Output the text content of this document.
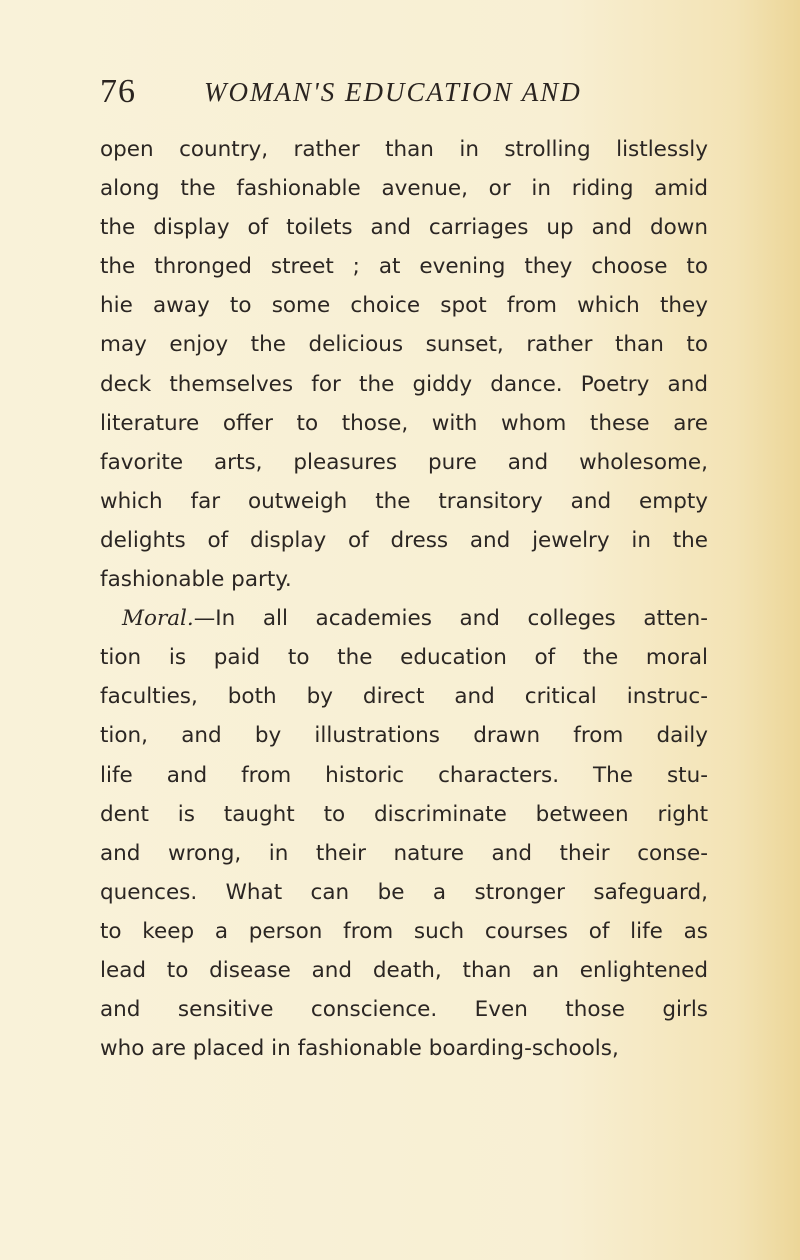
76	WOMAN'S EDUCATION AND
open country, rather than in strolling listlessly
along the fashionable avenue, or in riding amid
the display of toilets and carriages up and down
the thronged street ; at evening they choose to
hie away to some choice spot from which they
may enjoy the delicious sunset, rather than to
deck themselves for the giddy dance. Poetry and
literature offer to those, with whom these are
favorite arts, pleasures pure and wholesome,
which far outweigh the transitory and empty
delights of display of dress and jewelry in the
fashionable party.
Moral.—In all academies and colleges atten-
tion is paid to the education of the moral
faculties, both by direct and critical instruc-
tion, and by illustrations drawn from daily
life and from historic characters. The stu-
dent is taught to discriminate between right
and wrong, in their nature and their conse-
quences. What can be a stronger safeguard,
to keep a person from such courses of life as
lead to disease and death, than an enlightened
and sensitive conscience. Even those girls
who are placed in fashionable boarding-schools,
